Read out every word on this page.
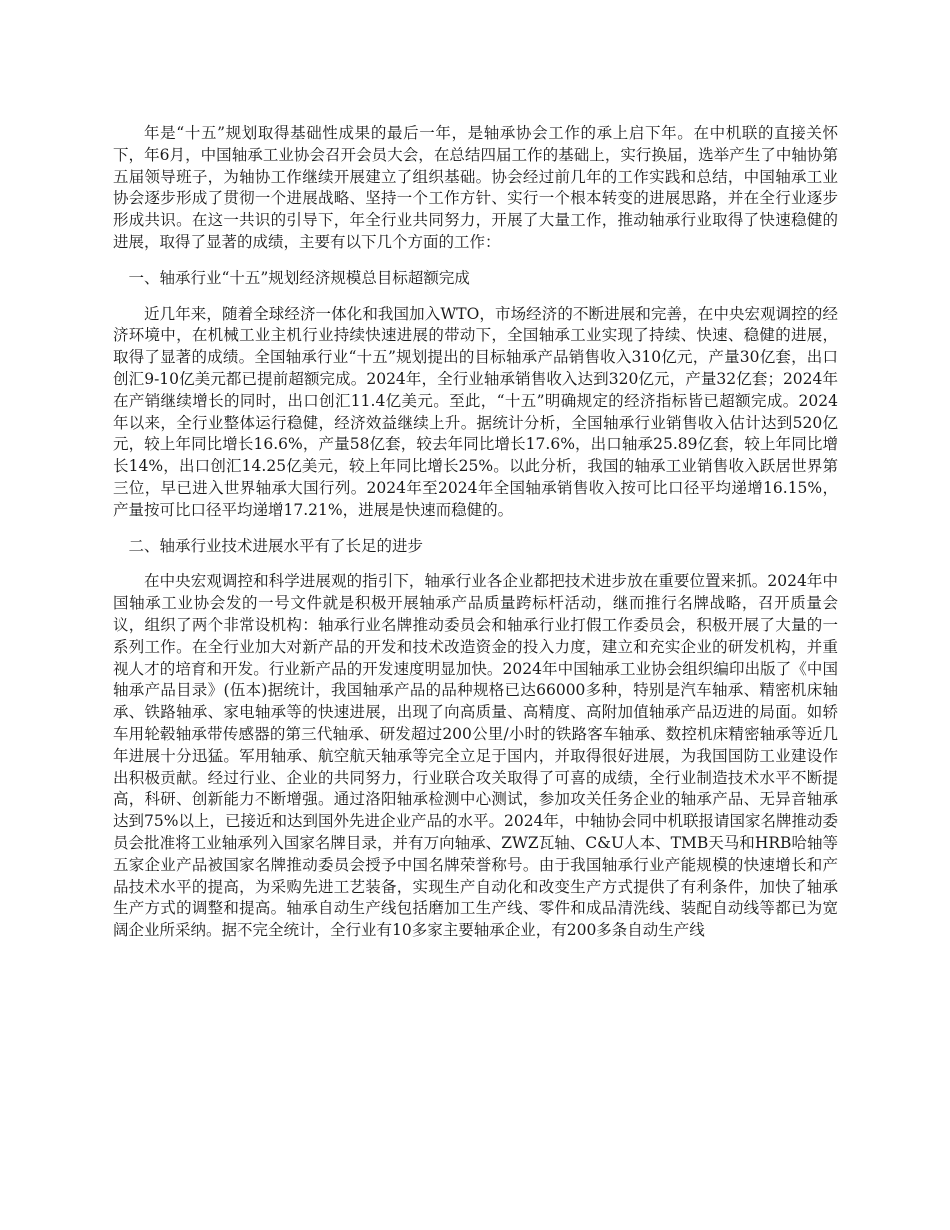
年是“十五”规划取得基础性成果的最后一年，是轴承协会工作的承上启下年。在中机联的直接关怀下，年6月，中国轴承工业协会召开会员大会，在总结四届工作的基础上，实行换届，选举产生了中轴协第五届领导班子，为轴协工作继续开展建立了组织基础。协会经过前几年的工作实践和总结，中国轴承工业协会逐步形成了贯彻一个进展战略、坚持一个工作方针、实行一个根本转变的进展思路，并在全行业逐步形成共识。在这一共识的引导下，年全行业共同努力，开展了大量工作，推动轴承行业取得了快速稳健的进展，取得了显著的成绩，主要有以下几个方面的工作：

一、轴承行业“十五”规划经济规模总目标超额完成

近几年来，随着全球经济一体化和我国加入WTO，市场经济的不断进展和完善，在中央宏观调控的经济环境中，在机械工业主机行业持续快速进展的带动下，全国轴承工业实现了持续、快速、稳健的进展，取得了显著的成绩。全国轴承行业“十五”规划提出的目标轴承产品销售收入310亿元，产量30亿套，出口创汇9-10亿美元都已提前超额完成。2024年，全行业轴承销售收入达到320亿元，产量32亿套；2024年在产销继续增长的同时，出口创汇11.4亿美元。至此，“十五”明确规定的经济指标皆已超额完成。2024年以来，全行业整体运行稳健，经济效益继续上升。据统计分析，全国轴承行业销售收入估计达到520亿元，较上年同比增长16.6%，产量58亿套，较去年同比增长17.6%，出口轴承25.89亿套，较上年同比增长14%，出口创汇14.25亿美元，较上年同比增长25%。以此分析，我国的轴承工业销售收入跃居世界第三位，早已进入世界轴承大国行列。2024年至2024年全国轴承销售收入按可比口径平均递增16.15%，产量按可比口径平均递增17.21%，进展是快速而稳健的。

二、轴承行业技术进展水平有了长足的进步

在中央宏观调控和科学进展观的指引下，轴承行业各企业都把技术进步放在重要位置来抓。2024年中国轴承工业协会发的一号文件就是积极开展轴承产品质量跨标杆活动，继而推行名牌战略，召开质量会议，组织了两个非常设机构：轴承行业名牌推动委员会和轴承行业打假工作委员会，积极开展了大量的一系列工作。在全行业加大对新产品的开发和技术改造资金的投入力度，建立和充实企业的研发机构，并重视人才的培育和开发。行业新产品的开发速度明显加快。2024年中国轴承工业协会组织编印出版了《中国轴承产品目录》(伍本)据统计，我国轴承产品的品种规格已达66000多种，特别是汽车轴承、精密机床轴承、铁路轴承、家电轴承等的快速进展，出现了向高质量、高精度、高附加值轴承产品迈进的局面。如轿车用轮毂轴承带传感器的第三代轴承、研发超过200公里/小时的铁路客车轴承、数控机床精密轴承等近几年进展十分迅猛。军用轴承、航空航天轴承等完全立足于国内，并取得很好进展，为我国国防工业建设作出积极贡献。经过行业、企业的共同努力，行业联合攻关取得了可喜的成绩，全行业制造技术水平不断提高，科研、创新能力不断增强。通过洛阳轴承检测中心测试，参加攻关任务企业的轴承产品、无异音轴承达到75%以上，已接近和达到国外先进企业产品的水平。2024年，中轴协会同中机联报请国家名牌推动委员会批准将工业轴承列入国家名牌目录，并有万向轴承、ZWZ瓦轴、C&U人本、TMB天马和HRB哈轴等五家企业产品被国家名牌推动委员会授予中国名牌荣誉称号。由于我国轴承行业产能规模的快速增长和产品技术水平的提高，为采购先进工艺装备，实现生产自动化和改变生产方式提供了有利条件，加快了轴承生产方式的调整和提高。轴承自动生产线包括磨加工生产线、零件和成品清洗线、装配自动线等都已为宽阔企业所采纳。据不完全统计，全行业有10多家主要轴承企业，有200多条自动生产线
